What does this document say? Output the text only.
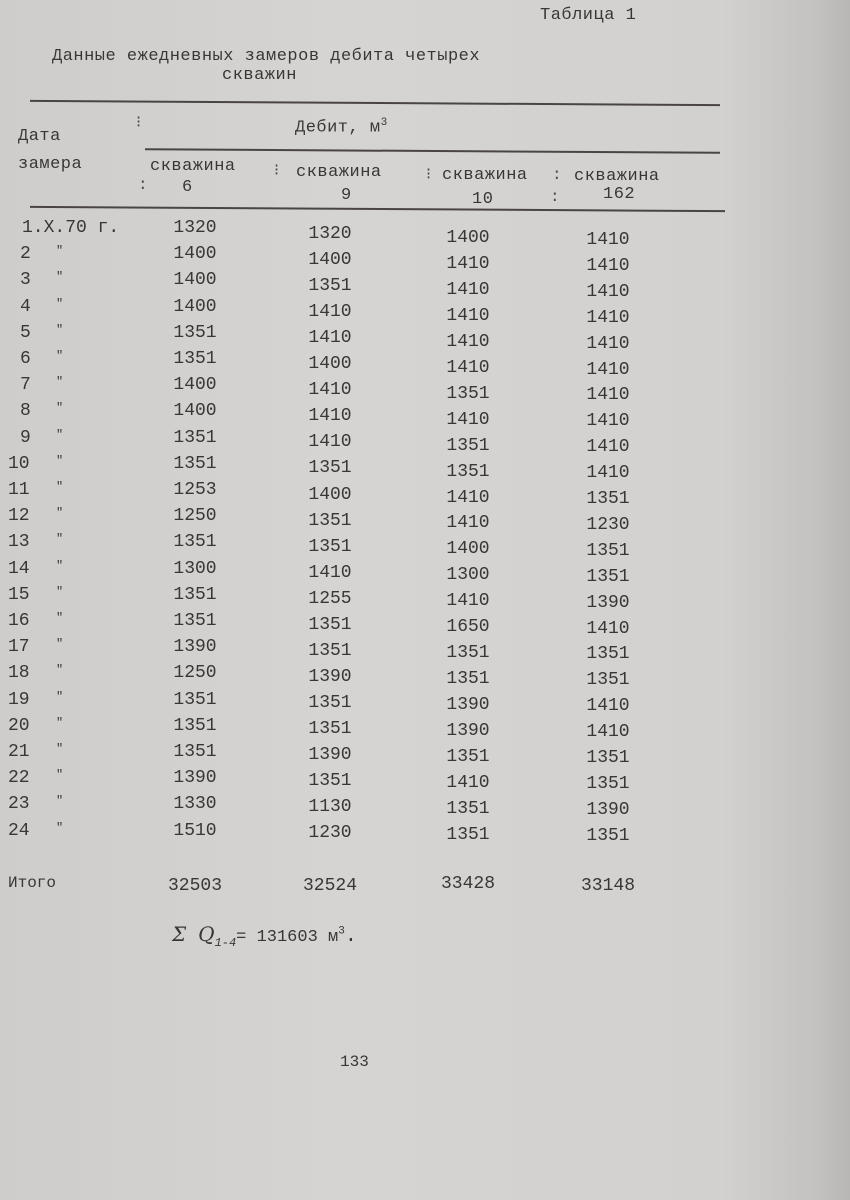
Таблица 1
Данные ежедневных замеров дебита четырех
скважин
Дата
замера
⁝	Дебит, $м^3$
скважина
6
:
⁝ скважина
9
⁝ скважина
10
:
:
скважина
162
1.X.70 г.	1320	1320	1400	1410
2 "	1400	1400	1410	1410
3 "	1400	1351	1410	1410
4 "	1400	1410	1410	1410
5 "	1351	1410	1410	1410
6 "	1351	1400	1410	1410
7 "	1400	1410	1351	1410
8 "	1400	1410	1410	1410
9 "	1351	1410	1351	1410
10 "	1351	1351	1351	1410
11 "	1253	1400	1410	1351
12 "	1250	1351	1410	1230
13 "	1351	1351	1400	1351
14 "	1300	1410	1300	1351
15 "	1351	1255	1410	1390
16 "	1351	1351	1650	1410
17 "	1390	1351	1351	1351
18 "	1250	1390	1351	1351
19 "	1351	1351	1390	1410
20 "	1351	1351	1390	1410
21 "	1351	1390	1351	1351
22 "	1390	1351	1410	1351
23 "	1330	1130	1351	1390
24 "	1510	1230	1351	1351
Итого	32503	32524	33428	33148
Σ $Q_{1-4}= 131603$ $м^3$.
133
